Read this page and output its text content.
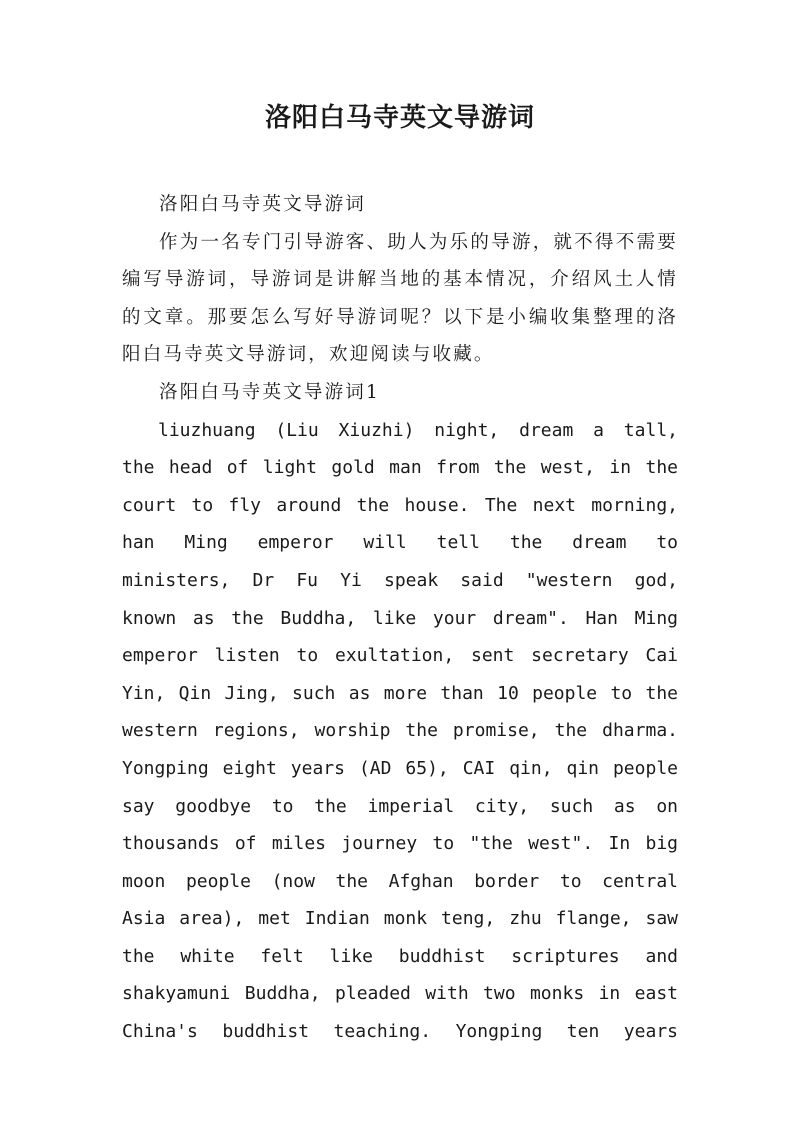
洛阳白马寺英文导游词

洛阳白马寺英文导游词

作为一名专门引导游客、助人为乐的导游，就不得不需要编写导游词，导游词是讲解当地的基本情况，介绍风土人情的文章。那要怎么写好导游词呢？以下是小编收集整理的洛阳白马寺英文导游词，欢迎阅读与收藏。

洛阳白马寺英文导游词1

liuzhuang (Liu Xiuzhi) night, dream a tall, the head of light gold man from the west, in the court to fly around the house. The next morning, han Ming emperor will tell the dream to ministers, Dr Fu Yi speak said "western god, known as the Buddha, like your dream". Han Ming emperor listen to exultation, sent secretary Cai Yin, Qin Jing, such as more than 10 people to the western regions, worship the promise, the dharma. Yongping eight years (AD 65), CAI qin, qin people say goodbye to the imperial city, such as on thousands of miles journey to "the west". In big moon people (now the Afghan border to central Asia area), met Indian monk teng, zhu flange, saw the white felt like buddhist scriptures and shakyamuni Buddha, pleaded with two monks in east China's buddhist teaching. Yongping ten years
